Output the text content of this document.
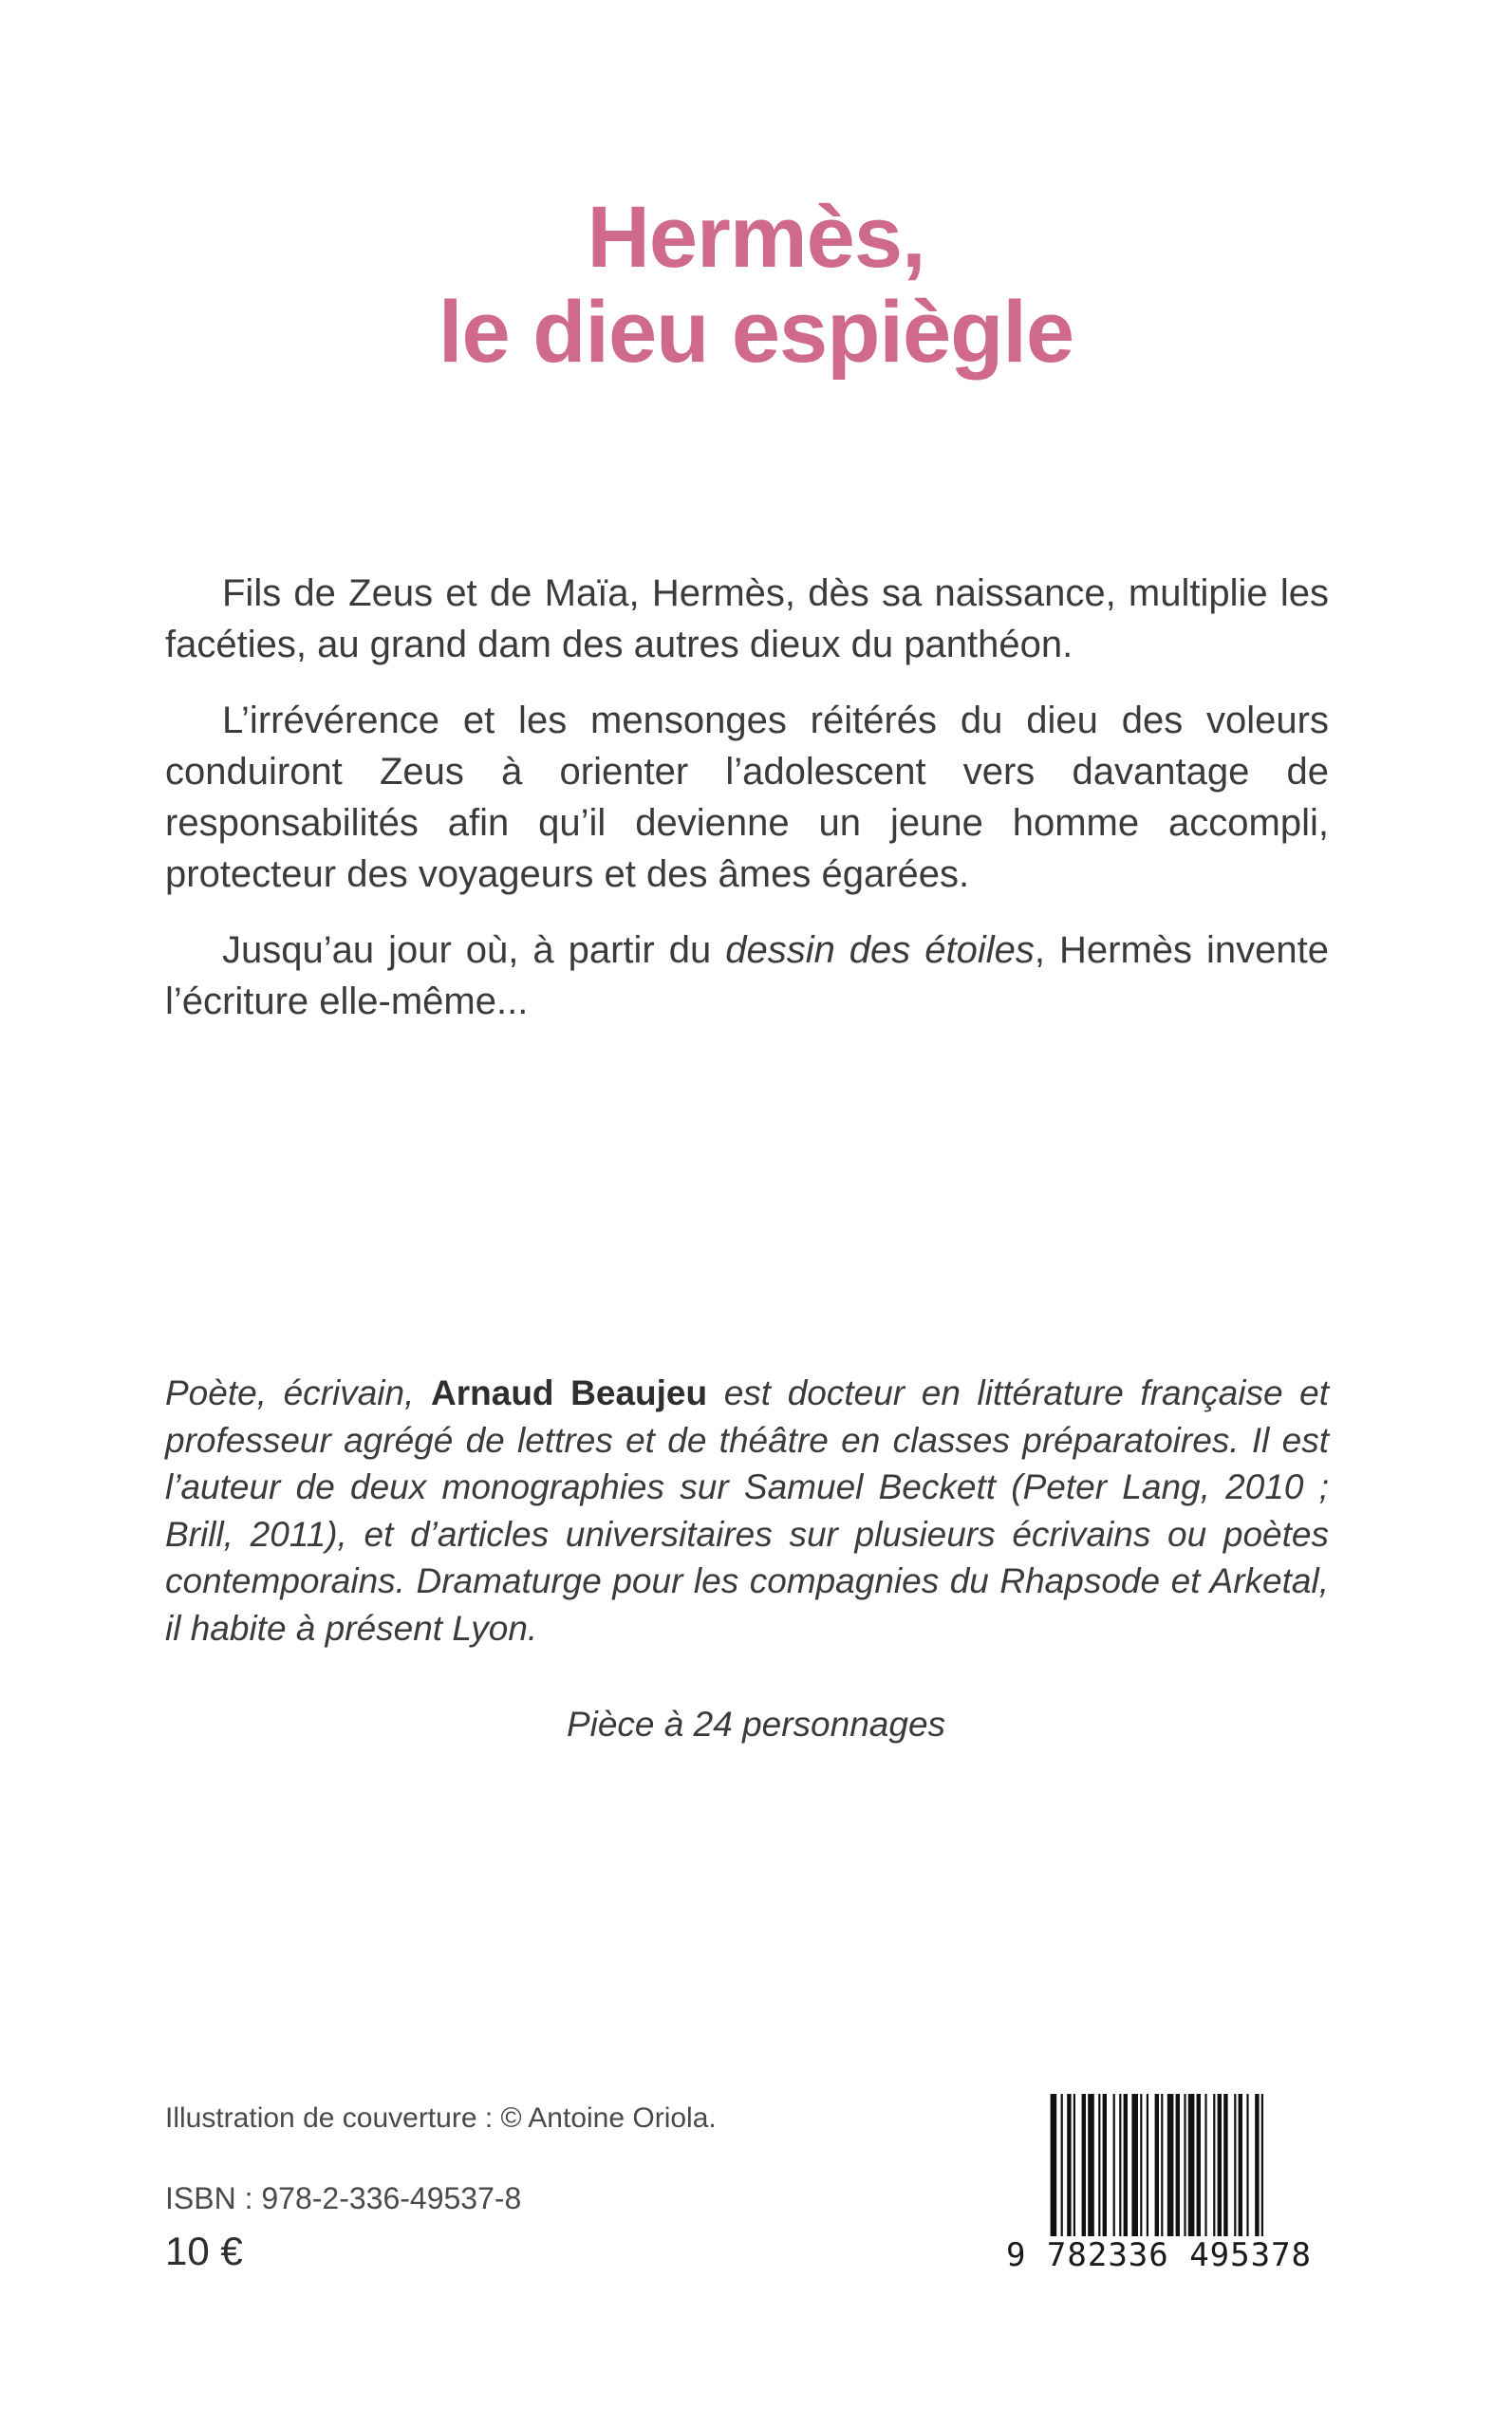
Hermès,
le dieu espiègle

Fils de Zeus et de Maïa, Hermès, dès sa naissance, multiplie les facéties, au grand dam des autres dieux du panthéon.

L’irrévérence et les mensonges réitérés du dieu des voleurs conduiront Zeus à orienter l’adolescent vers davantage de responsabilités afin qu’il devienne un jeune homme accompli, protecteur des voyageurs et des âmes égarées.

Jusqu’au jour où, à partir du dessin des étoiles, Hermès invente l’écriture elle-même...

Poète, écrivain, Arnaud Beaujeu est docteur en littérature française et professeur agrégé de lettres et de théâtre en classes préparatoires. Il est l’auteur de deux monographies sur Samuel Beckett (Peter Lang, 2010 ; Brill, 2011), et d’articles universitaires sur plusieurs écrivains ou poètes contemporains. Dramaturge pour les compagnies du Rhapsode et Arketal, il habite à présent Lyon.
Pièce à 24 personnages
Illustration de couverture : © Antoine Oriola.
ISBN : 978-2-336-49537-8
10 €	9 782336 495378
